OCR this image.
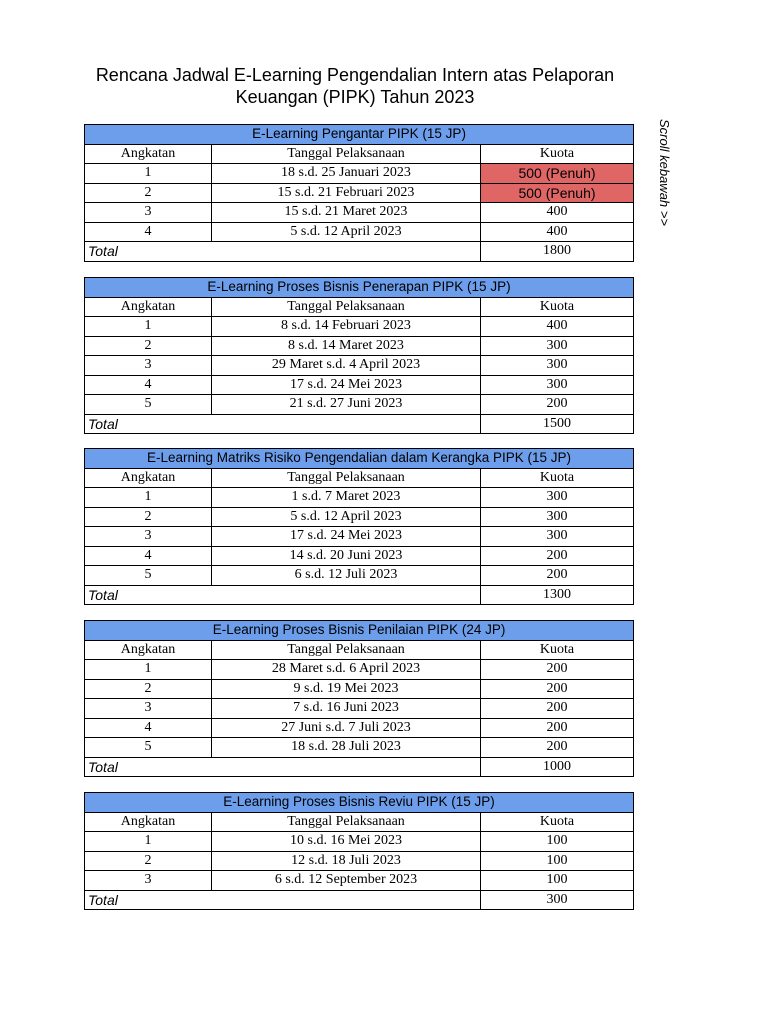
Rencana Jadwal E-Learning Pengendalian Intern atas Pelaporan
Keuangan (PIPK) Tahun 2023
Scroll kebawah >>
E-Learning Pengantar PIPK (15 JP)		
Angkatan	Tanggal Pelaksanaan	Kuota
1	18 s.d. 25 Januari 2023	500 (Penuh)
2	15 s.d. 21 Februari 2023	500 (Penuh)
3	15 s.d. 21 Maret 2023	400
4	5 s.d. 12 April 2023	400
Total		1800
E-Learning Proses Bisnis Penerapan PIPK (15 JP)		
Angkatan	Tanggal Pelaksanaan	Kuota
1	8 s.d. 14 Februari 2023	400
2	8 s.d. 14 Maret 2023	300
3	29 Maret s.d. 4 April 2023	300
4	17 s.d. 24 Mei 2023	300
5	21 s.d. 27 Juni 2023	200
Total		1500
E-Learning Matriks Risiko Pengendalian dalam Kerangka PIPK (15 JP)		
Angkatan	Tanggal Pelaksanaan	Kuota
1	1 s.d. 7 Maret 2023	300
2	5 s.d. 12 April 2023	300
3	17 s.d. 24 Mei 2023	300
4	14 s.d. 20 Juni 2023	200
5	6 s.d. 12 Juli 2023	200
Total		1300
E-Learning Proses Bisnis Penilaian PIPK (24 JP)		
Angkatan	Tanggal Pelaksanaan	Kuota
1	28 Maret s.d. 6 April 2023	200
2	9 s.d. 19 Mei 2023	200
3	7 s.d. 16 Juni 2023	200
4	27 Juni s.d. 7 Juli 2023	200
5	18 s.d. 28 Juli 2023	200
Total		1000
E-Learning Proses Bisnis Reviu PIPK (15 JP)		
Angkatan	Tanggal Pelaksanaan	Kuota
1	10 s.d. 16 Mei 2023	100
2	12 s.d. 18 Juli 2023	100
3	6 s.d. 12 September 2023	100
Total		300
